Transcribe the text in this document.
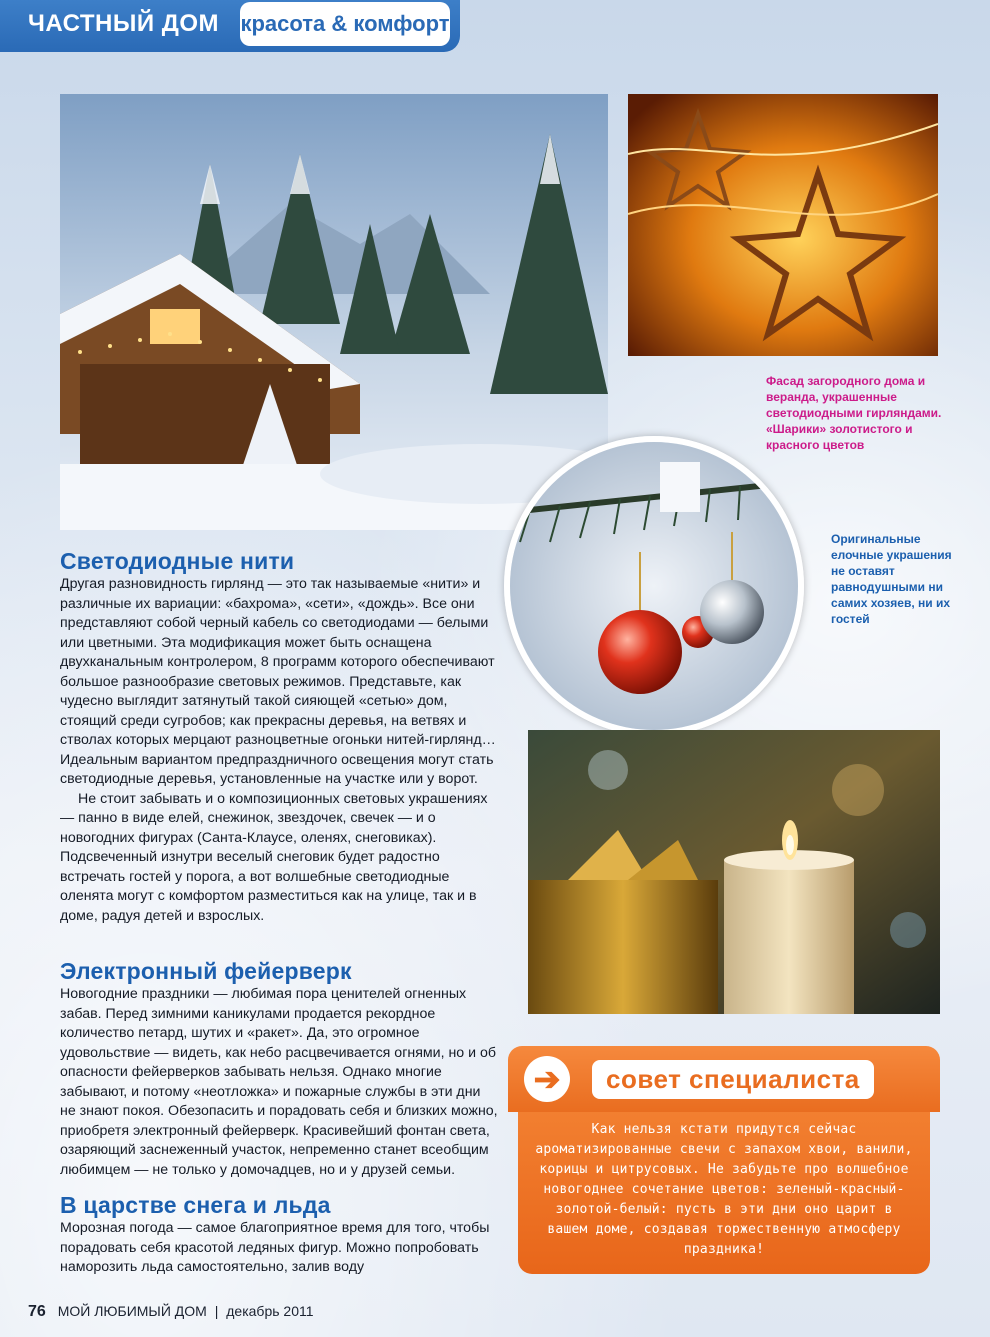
ЧАСТНЫЙ ДОМ красота & комфорт
Фасад загородного дома и веранда, украшенные светодиодными гирляндами. «Шарики» золотистого и красного цветов
Оригинальные елочные украшения не оставят равнодушными ни самих хозяев, ни их гостей
Светодиодные нити

Другая разновидность гирлянд — это так называемые «нити» и различные их вариации: «бахрома», «сети», «дождь». Все они представляют собой черный кабель со светодиодами — белыми или цветными. Эта модификация может быть оснащена двухканальным контролером, 8 программ которого обеспечивают большое разнообразие световых режимов. Представьте, как чудесно выглядит затянутый такой сияющей «сетью» дом, стоящий среди сугробов; как прекрасны деревья, на ветвях и стволах которых мерцают разноцветные огоньки нитей-гирлянд… Идеальным вариантом предпраздничного освещения могут стать светодиодные деревья, установленные на участке или у ворот.

Не стоит забывать и о композиционных световых украшениях — панно в виде елей, снежинок, звездочек, свечек — и о новогодних фигурах (Санта-Клаусе, оленях, снеговиках). Подсвеченный изнутри веселый снеговик будет радостно встречать гостей у порога, а вот волшебные светодиодные оленята могут с комфортом разместиться как на улице, так и в доме, радуя детей и взрослых.

Электронный фейерверк

Новогодние праздники — любимая пора ценителей огненных забав. Перед зимними каникулами продается рекордное количество петард, шутих и «ракет». Да, это огромное удовольствие — видеть, как небо расцвечивается огнями, но и об опасности фейерверков забывать нельзя. Однако многие забывают, и потому «неотложка» и пожарные службы в эти дни не знают покоя. Обезопасить и порадовать себя и близких можно, приобретя электронный фейерверк. Красивейший фонтан света, озаряющий заснеженный участок, непременно станет всеобщим любимцем — не только у домочадцев, но и у друзей семьи.

В царстве снега и льда

Морозная погода — самое благоприятное время для того, чтобы порадовать себя красотой ледяных фигур. Можно попробовать наморозить льда самостоятельно, залив воду

➔	совет специалиста
Как нельзя кстати придутся сейчас ароматизированные свечи с запахом хвои, ванили, корицы и цитрусовых. Не забудьте про волшебное новогоднее сочетание цветов: зеленый-красный-золотой-белый: пусть в эти дни оно царит в вашем доме, создавая торжественную атмосферу праздника!
76 МОЙ ЛЮБИМЫЙ ДОМ | декабрь 2011
